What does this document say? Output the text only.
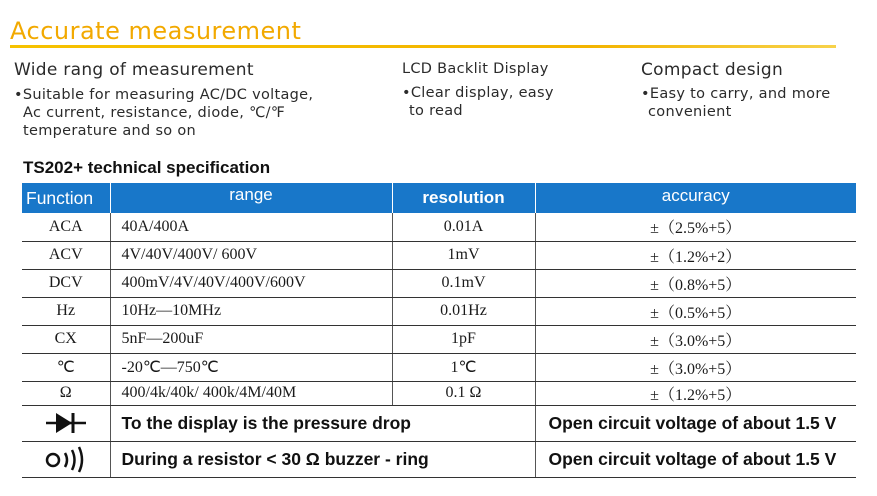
Accurate measurement
Wide rang of measurement
•Suitable for measuring AC/DC voltage,
Ac current, resistance, diode, ℃/℉
temperature and so on
LCD Backlit Display
•Clear display, easy
to read
Compact design
•Easy to carry, and more
convenient
TS202+ technical specification
Function	range	resolution	accuracy
ACA	40A/400A	0.01A	±（2.5%+5）
ACV	4V/40V/400V/ 600V	1mV	±（1.2%+2）
DCV	400mV/4V/40V/400V/600V	0.1mV	±（0.8%+5）
Hz	10Hz—10MHz	0.01Hz	±（0.5%+5）
CX	5nF—200uF	1pF	±（3.0%+5）
℃	-20℃—750℃	1℃	±（3.0%+5）
Ω	400/4k/40k/ 400k/4M/40M	0.1 Ω	±（1.2%+5）

	To the display is the pressure drop		Open circuit voltage of about 1.5 V

	During a resistor < 30 Ω buzzer - ring		Open circuit voltage of about 1.5 V
